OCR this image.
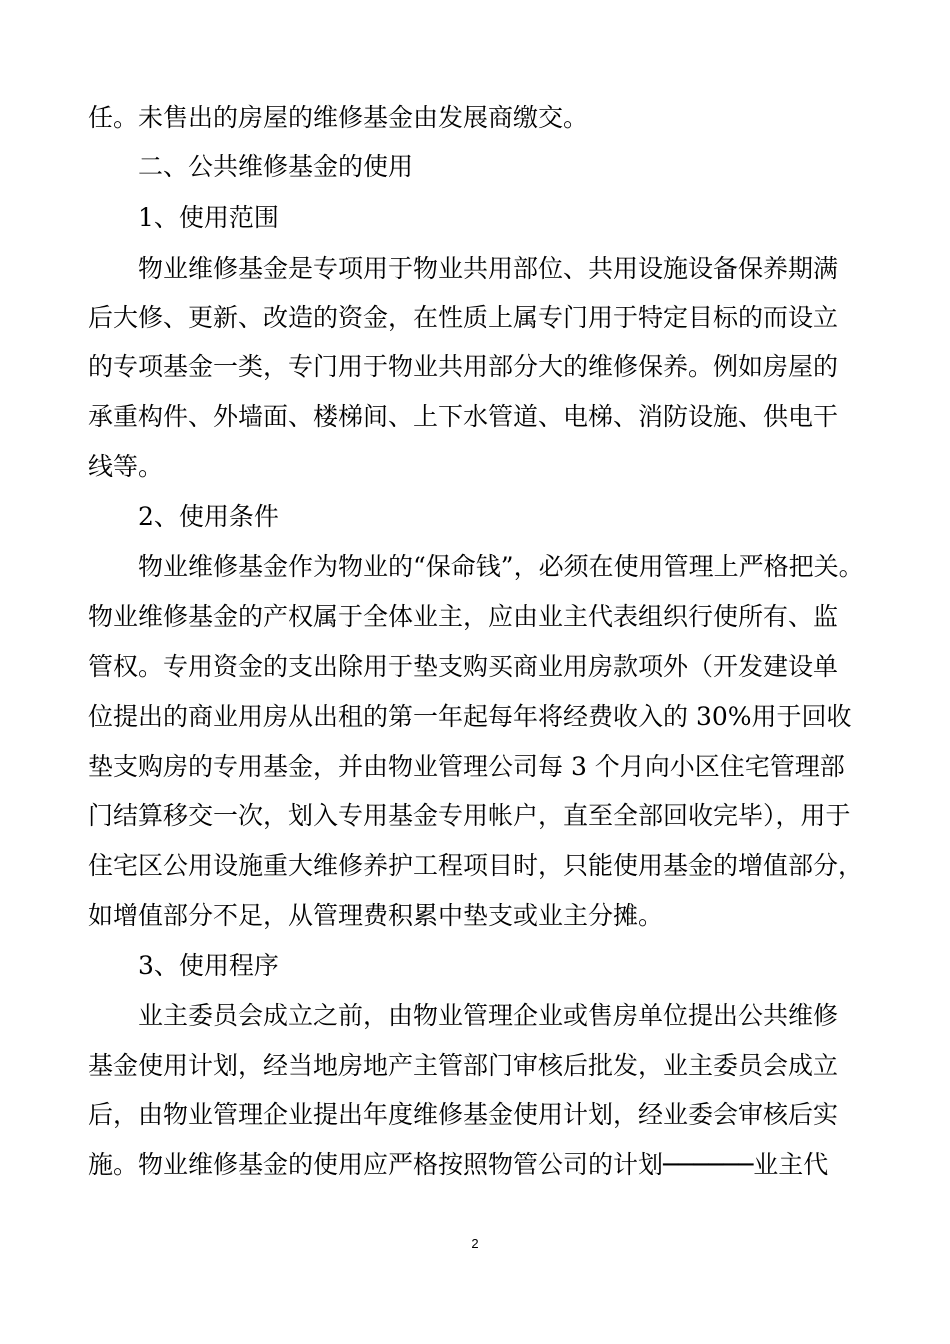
任。未售出的房屋的维修基金由发展商缴交。
二、公共维修基金的使用
1、使用范围
物业维修基金是专项用于物业共用部位、共用设施设备保养期满
后大修、更新、改造的资金，在性质上属专门用于特定目标的而设立
的专项基金一类，专门用于物业共用部分大的维修保养。例如房屋的
承重构件、外墙面、楼梯间、上下水管道、电梯、消防设施、供电干
线等。
2、使用条件
物业维修基金作为物业的“保命钱”，必须在使用管理上严格把关。
物业维修基金的产权属于全体业主，应由业主代表组织行使所有、监
管权。专用资金的支出除用于垫支购买商业用房款项外（开发建设单
位提出的商业用房从出租的第一年起每年将经费收入的 30%用于回收
垫支购房的专用基金，并由物业管理公司每 3 个月向小区住宅管理部
门结算移交一次，划入专用基金专用帐户，直至全部回收完毕），用于
住宅区公用设施重大维修养护工程项目时，只能使用基金的增值部分，
如增值部分不足，从管理费积累中垫支或业主分摊。
3、使用程序
业主委员会成立之前，由物业管理企业或售房单位提出公共维修
基金使用计划，经当地房地产主管部门审核后批发，业主委员会成立
后，由物业管理企业提出年度维修基金使用计划，经业委会审核后实
施。物业维修基金的使用应严格按照物管公司的计划──────业主代
2
